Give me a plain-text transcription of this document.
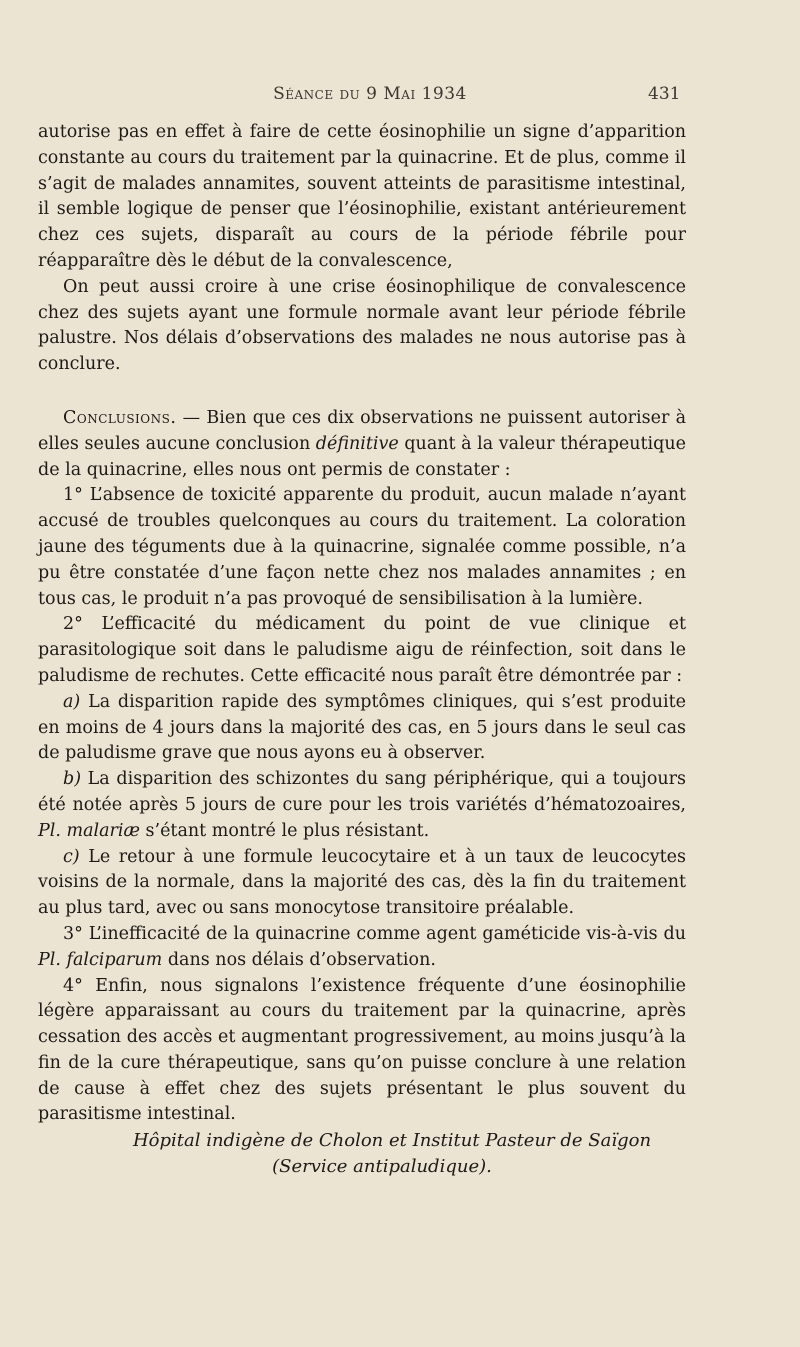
Séance du 9 Mai 1934	431

autorise pas en effet à faire de cette éosinophilie un signe d’apparition constante au cours du traitement par la quinacrine. Et de plus, comme il s’agit de malades annamites, souvent atteints de parasitisme intestinal, il semble logique de penser que l’éosinophilie, existant antérieurement chez ces sujets, disparaît au cours de la période fébrile pour réapparaître dès le début de la convalescence,

On peut aussi croire à une crise éosinophilique de convalescence chez des sujets ayant une formule normale avant leur période fébrile palustre. Nos délais d’observations des malades ne nous autorise pas à conclure.

Conclusions. — Bien que ces dix observations ne puissent autoriser à elles seules aucune conclusion définitive quant à la valeur thérapeutique de la quinacrine, elles nous ont permis de constater :

1° L’absence de toxicité apparente du produit, aucun malade n’ayant accusé de troubles quelconques au cours du traitement. La coloration jaune des téguments due à la quinacrine, signalée comme possible, n’a pu être constatée d’une façon nette chez nos malades annamites ; en tous cas, le produit n’a pas provoqué de sensibilisation à la lumière.

2° L’efficacité du médicament du point de vue clinique et parasitologique soit dans le paludisme aigu de réinfection, soit dans le paludisme de rechutes. Cette efficacité nous paraît être démontrée par :

a) La disparition rapide des symptômes cliniques, qui s’est produite en moins de 4 jours dans la majorité des cas, en 5 jours dans le seul cas de paludisme grave que nous ayons eu à observer.

b) La disparition des schizontes du sang périphérique, qui a toujours été notée après 5 jours de cure pour les trois variétés d’hématozoaires, Pl. malariæ s’étant montré le plus résistant.

c) Le retour à une formule leucocytaire et à un taux de leucocytes voisins de la normale, dans la majorité des cas, dès la fin du traitement au plus tard, avec ou sans monocytose transitoire préalable.

3° L’inefficacité de la quinacrine comme agent gaméticide vis-à-vis du Pl. falciparum dans nos délais d’observation.

4° Enfin, nous signalons l’existence fréquente d’une éosinophilie légère apparaissant au cours du traitement par la quinacrine, après cessation des accès et augmentant progressivement, au moins jusqu’à la fin de la cure thérapeutique, sans qu’on puisse conclure à une relation de cause à effet chez des sujets présentant le plus souvent du parasitisme intestinal.

Hôpital indigène de Cholon et Institut Pasteur de Saïgon

(Service antipaludique).
